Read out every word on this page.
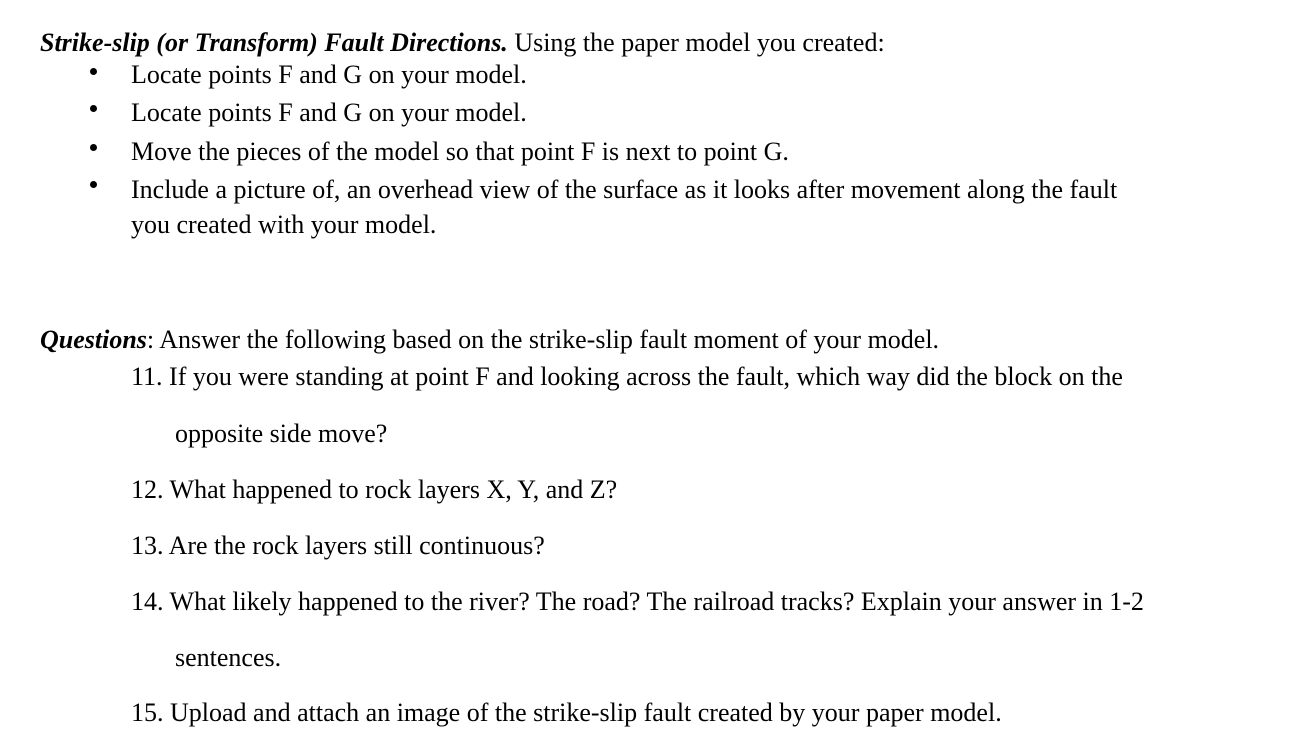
Strike-slip (or Transform) Fault Directions. Using the paper model you created:
Locate points F and G on your model.
Locate points F and G on your model.
Move the pieces of the model so that point F is next to point G.
Include a picture of, an overhead view of the surface as it looks after movement along the fault
you created with your model.
Questions: Answer the following based on the strike-slip fault moment of your model.
11. If you were standing at point F and looking across the fault, which way did the block on the
opposite side move?
12. What happened to rock layers X, Y, and Z?
13. Are the rock layers still continuous?
14. What likely happened to the river? The road? The railroad tracks? Explain your answer in 1-2
sentences.
15. Upload and attach an image of the strike-slip fault created by your paper model.
